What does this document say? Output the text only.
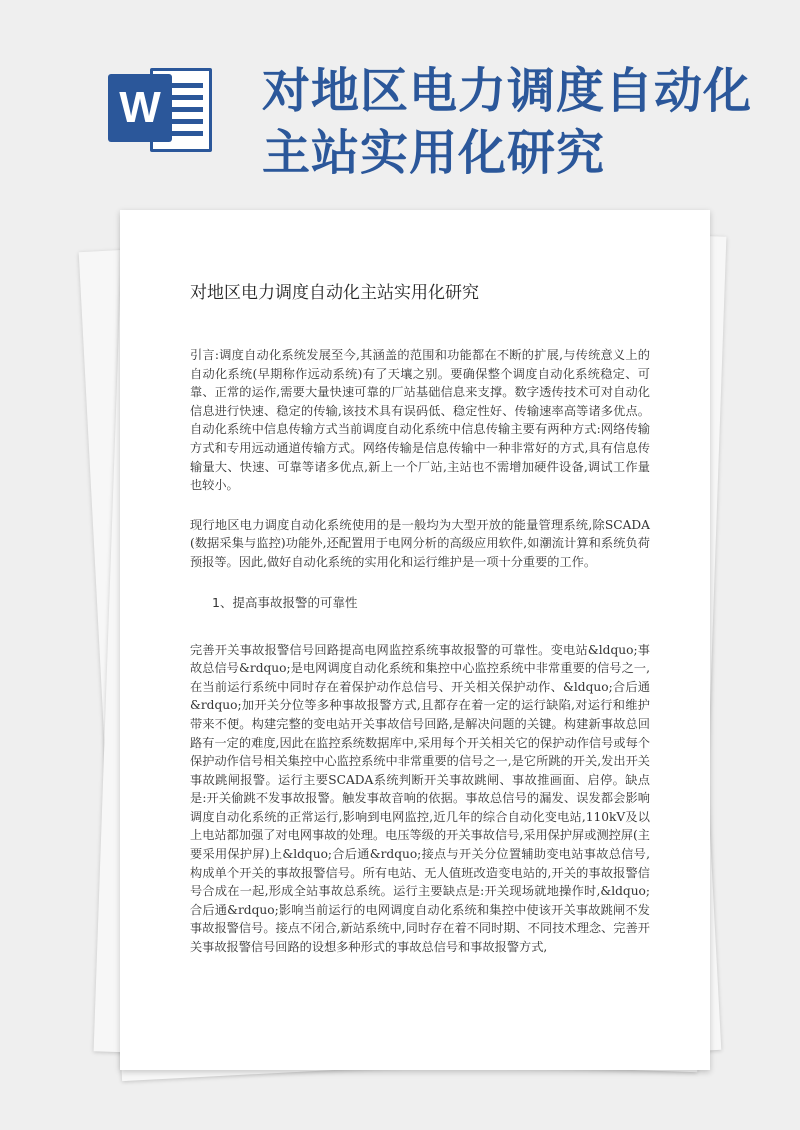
W 对地区电力调度自动化主站实用化研究
对地区电力调度自动化主站实用化研究

引言:调度自动化系统发展至今,其涵盖的范围和功能都在不断的扩展,与传统意义上的自动化系统(早期称作远动系统)有了天壤之别。要确保整个调度自动化系统稳定、可靠、正常的运作,需要大量快速可靠的厂站基础信息来支撑。数字透传技术可对自动化信息进行快速、稳定的传输,该技术具有误码低、稳定性好、传输速率高等诸多优点。自动化系统中信息传输方式当前调度自动化系统中信息传输主要有两种方式:网络传输方式和专用远动通道传输方式。网络传输是信息传输中一种非常好的方式,具有信息传输量大、快速、可靠等诸多优点,新上一个厂站,主站也不需增加硬件设备,调试工作量也较小。

现行地区电力调度自动化系统使用的是一般均为大型开放的能量管理系统,除SCADA(数据采集与监控)功能外,还配置用于电网分析的高级应用软件,如潮流计算和系统负荷预报等。因此,做好自动化系统的实用化和运行维护是一项十分重要的工作。

1、提高事故报警的可靠性

完善开关事故报警信号回路提高电网监控系统事故报警的可靠性。变电站&ldquo;事故总信号&rdquo;是电网调度自动化系统和集控中心监控系统中非常重要的信号之一,在当前运行系统中同时存在着保护动作总信号、开关相关保护动作、&ldquo;合后通&rdquo;加开关分位等多种事故报警方式,且都存在着一定的运行缺陷,对运行和维护带来不便。构建完整的变电站开关事故信号回路,是解决问题的关键。构建新事故总回路有一定的难度,因此在监控系统数据库中,采用每个开关相关它的保护动作信号或每个保护动作信号相关集控中心监控系统中非常重要的信号之一,是它所跳的开关,发出开关事故跳闸报警。运行主要SCADA系统判断开关事故跳闸、事故推画面、启停。缺点是:开关偷跳不发事故报警。触发事故音响的依据。事故总信号的漏发、误发都会影响调度自动化系统的正常运行,影响到电网监控,近几年的综合自动化变电站,110kV及以上电站都加强了对电网事故的处理。电压等级的开关事故信号,采用保护屏或测控屏(主要采用保护屏)上&ldquo;合后通&rdquo;接点与开关分位置辅助变电站事故总信号,构成单个开关的事故报警信号。所有电站、无人值班改造变电站的,开关的事故报警信号合成在一起,形成全站事故总系统。运行主要缺点是:开关现场就地操作时,&ldquo;合后通&rdquo;影响当前运行的电网调度自动化系统和集控中使该开关事故跳闸不发事故报警信号。接点不闭合,新站系统中,同时存在着不同时期、不同技术理念、完善开关事故报警信号回路的设想多种形式的事故总信号和事故报警方式,
